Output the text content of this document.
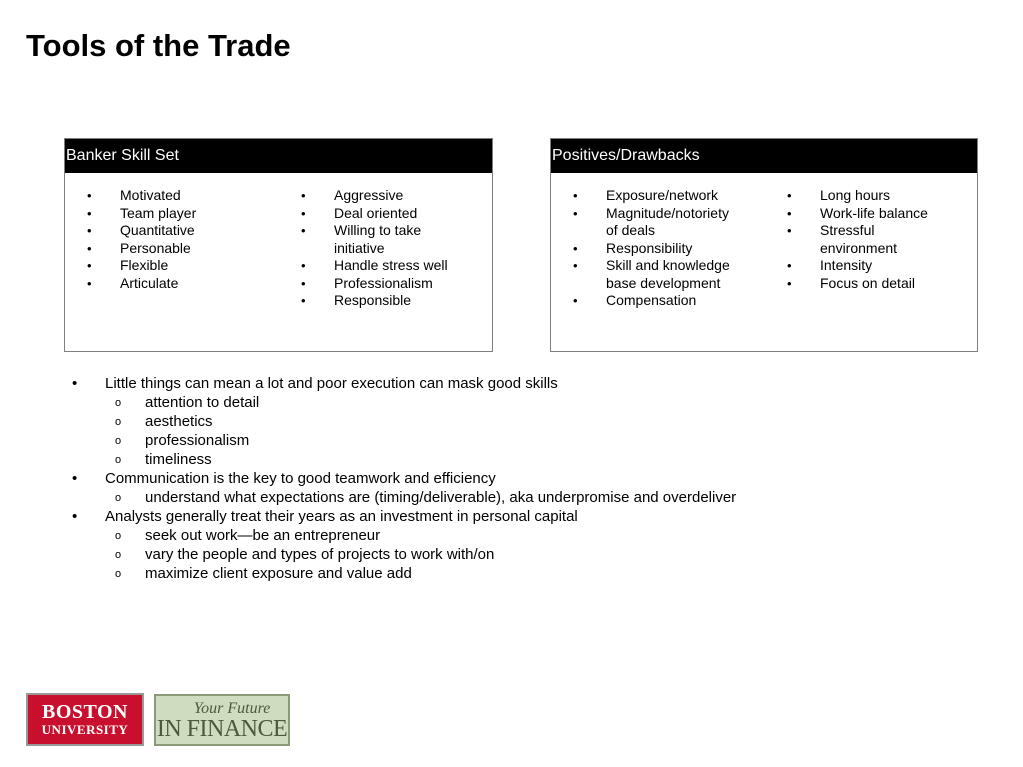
Tools of the Trade
Banker Skill Set
• Motivated
• Team player
• Quantitative
• Personable
• Flexible
• Articulate
• Aggressive
• Deal oriented
• Willing to take initiative
• Handle stress well
• Professionalism
• Responsible
Positives/Drawbacks
• Exposure/network
• Magnitude/notoriety of deals
• Responsibility
• Skill and knowledge base development
• Compensation
• Long hours
• Work-life balance
• Stressful environment
• Intensity
• Focus on detail
• Little things can mean a lot and poor execution can mask good skills
o attention to detail
o aesthetics
o professionalism
o timeliness
• Communication is the key to good teamwork and efficiency
o understand what expectations are (timing/deliverable), aka underpromise and overdeliver
• Analysts generally treat their years as an investment in personal capital
o seek out work—be an entrepreneur
o vary the people and types of projects to work with/on
o maximize client exposure and value add
BOSTON
UNIVERSITY
Your Future
IN FINANCE
